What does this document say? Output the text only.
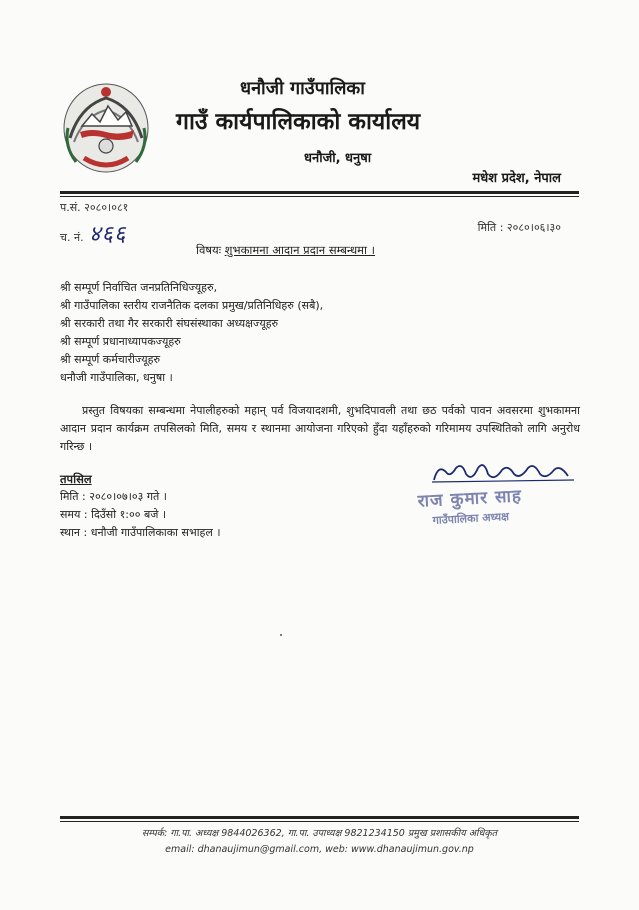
धनौजी गाउँपालिका
गाउँ कार्यपालिकाको कार्यालय
धनौजी, धनुषा
मधेश प्रदेश, नेपाल
प.सं. २०८०।०८१
च. नं. ४६६	मिति : २०८०।०६।३०
विषयः शुभकामना आदान प्रदान सम्बन्धमा ।
श्री सम्पूर्ण निर्वाचित जनप्रतिनिधिज्यूहरु,
श्री गाउँपालिका स्तरीय राजनैतिक दलका प्रमुख/प्रतिनिधिहरु (सबै),
श्री सरकारी तथा गैर सरकारी संघसंस्थाका अध्यक्षज्यूहरु
श्री सम्पूर्ण प्रधानाध्यापकज्यूहरु
श्री सम्पूर्ण कर्मचारीज्यूहरु
धनौजी गाउँपालिका, धनुषा ।
प्रस्तुत विषयका सम्बन्धमा नेपालीहरुको महान् पर्व विजयादशमी, शुभदिपावली तथा छठ पर्वको पावन अवसरमा शुभकामना आदान प्रदान कार्यक्रम तपसिलको मिति, समय र स्थानमा आयोजना गरिएको हुँदा यहाँहरुको गरिमामय उपस्थितिको लागि अनुरोध गरिन्छ ।
तपसिल
मिति : २०८०।०७।०३ गते ।
समय : दिउँसो १:०० बजे ।
स्थान : धनौजी गाउँपालिकाका सभाहल ।
राज कुमार साह
गाउँपालिका अध्यक्ष
सम्पर्क: गा.पा. अध्यक्ष 9844026362, गा.पा. उपाध्यक्ष 9821234150 प्रमुख प्रशासकीय अधिकृत
email: dhanaujimun@gmail.com, web: www.dhanaujimun.gov.np
